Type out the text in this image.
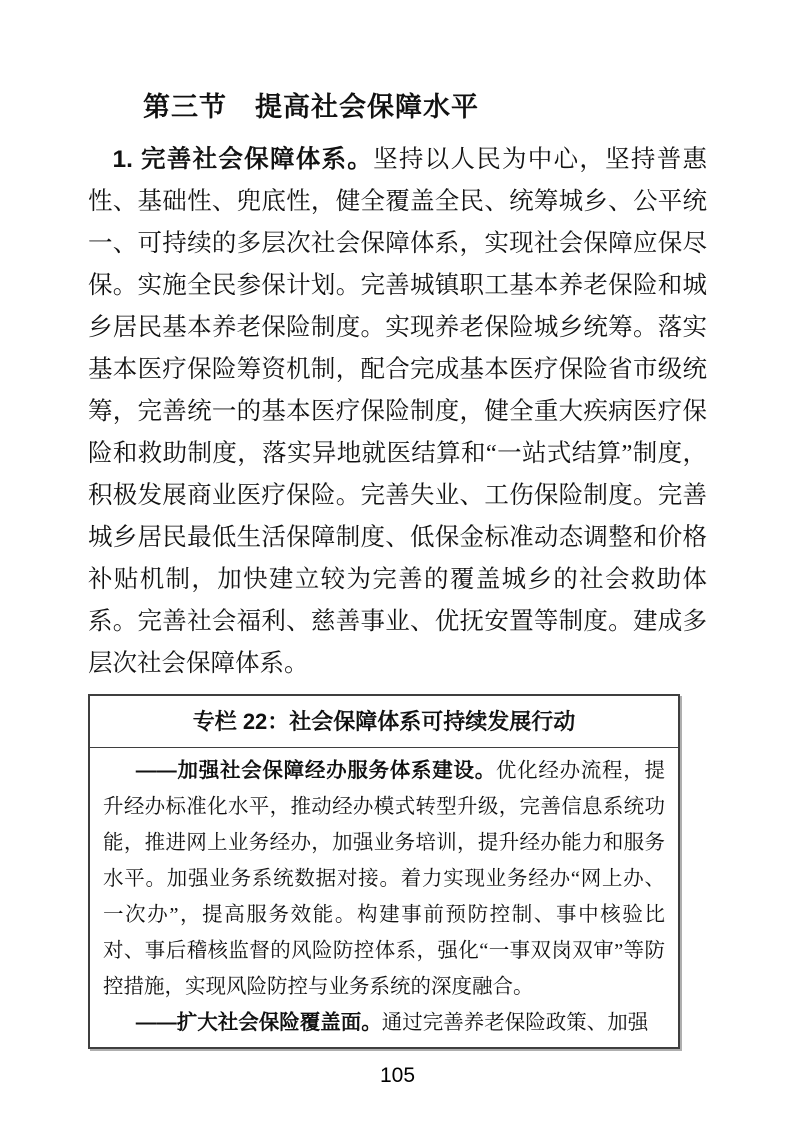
第三节　提高社会保障水平

1. 完善社会保障体系。坚持以人民为中心，坚持普惠性、基础性、兜底性，健全覆盖全民、统筹城乡、公平统一、可持续的多层次社会保障体系，实现社会保障应保尽保。实施全民参保计划。完善城镇职工基本养老保险和城乡居民基本养老保险制度。实现养老保险城乡统筹。落实基本医疗保险筹资机制，配合完成基本医疗保险省市级统筹，完善统一的基本医疗保险制度，健全重大疾病医疗保险和救助制度，落实异地就医结算和“一站式结算”制度，积极发展商业医疗保险。完善失业、工伤保险制度。完善城乡居民最低生活保障制度、低保金标准动态调整和价格补贴机制，加快建立较为完善的覆盖城乡的社会救助体系。完善社会福利、慈善事业、优抚安置等制度。建成多层次社会保障体系。

专栏 22：社会保障体系可持续发展行动

——加强社会保障经办服务体系建设。优化经办流程，提升经办标准化水平，推动经办模式转型升级，完善信息系统功能，推进网上业务经办，加强业务培训，提升经办能力和服务水平。加强业务系统数据对接。着力实现业务经办“网上办、一次办”，提高服务效能。构建事前预防控制、事中核验比对、事后稽核监督的风险防控体系，强化“一事双岗双审”等防控措施，实现风险防控与业务系统的深度融合。

——扩大社会保险覆盖面。通过完善养老保险政策、加强

105
